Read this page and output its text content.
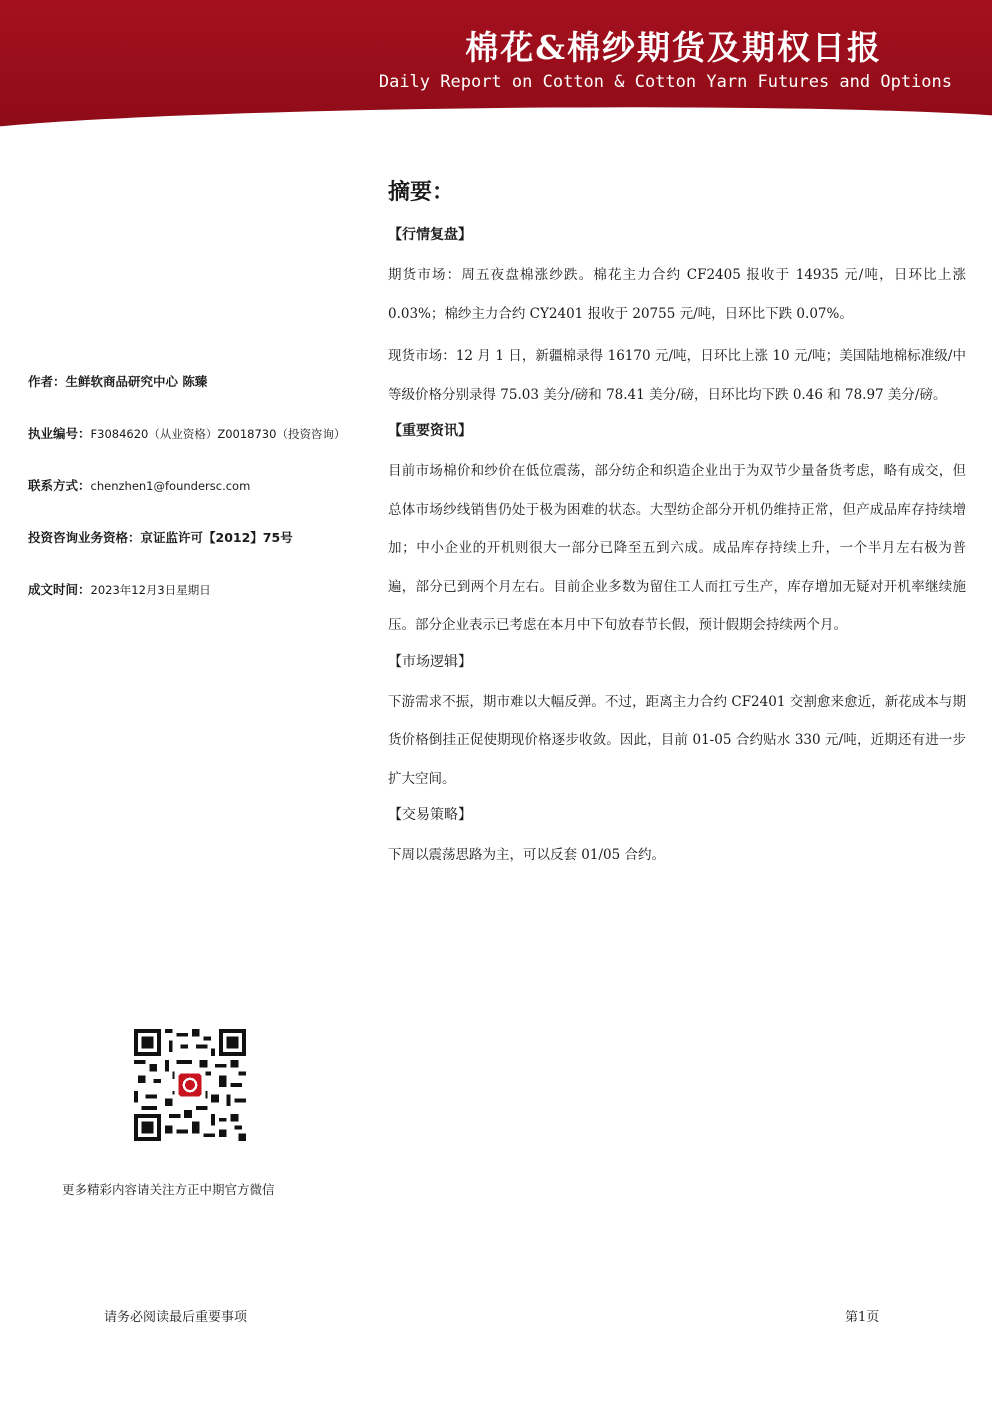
棉花&棉纱期货及期权日报
Daily Report on Cotton & Cotton Yarn Futures and Options
作者：生鲜软商品研究中心 陈臻
执业编号：F3084620（从业资格）Z0018730（投资咨询）
联系方式：chenzhen1@foundersc.com
投资咨询业务资格：京证监许可【2012】75号
成文时间：2023年12月3日星期日
更多精彩内容请关注方正中期官方微信
摘要：
【行情复盘】

期货市场：周五夜盘棉涨纱跌。棉花主力合约 CF2405 报收于 14935 元/吨，日环比上涨 0.03%；棉纱主力合约 CY2401 报收于 20755 元/吨，日环比下跌 0.07%。

现货市场：12 月 1 日，新疆棉录得 16170 元/吨，日环比上涨 10 元/吨；美国陆地棉标准级/中等级价格分别录得 75.03 美分/磅和 78.41 美分/磅，日环比均下跌 0.46 和 78.97 美分/磅。

【重要资讯】

目前市场棉价和纱价在低位震荡，部分纺企和织造企业出于为双节少量备货考虑，略有成交，但总体市场纱线销售仍处于极为困难的状态。大型纺企部分开机仍维持正常，但产成品库存持续增加；中小企业的开机则很大一部分已降至五到六成。成品库存持续上升，一个半月左右极为普遍，部分已到两个月左右。目前企业多数为留住工人而扛亏生产，库存增加无疑对开机率继续施压。部分企业表示已考虑在本月中下旬放春节长假，预计假期会持续两个月。

【市场逻辑】

下游需求不振，期市难以大幅反弹。不过，距离主力合约 CF2401 交割愈来愈近，新花成本与期货价格倒挂正促使期现价格逐步收敛。因此，目前 01-05 合约贴水 330 元/吨，近期还有进一步扩大空间。

【交易策略】

下周以震荡思路为主，可以反套 01/05 合约。

请务必阅读最后重要事项	第1页
